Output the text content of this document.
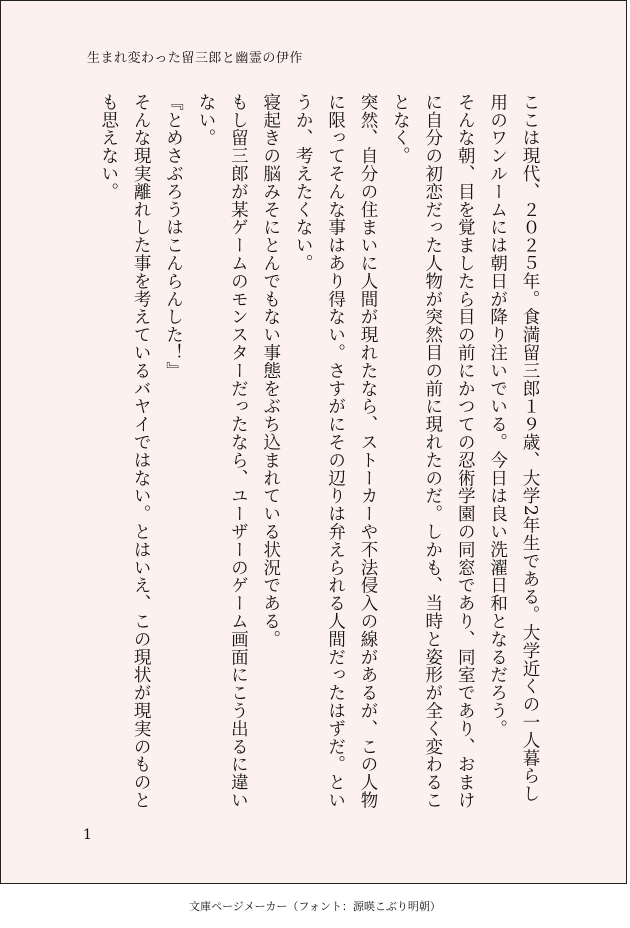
生まれ変わった留三郎と幽霊の伊作

ここは現代、２０２５年。食満留三郎１９歳、大学2年生である。大学近くの一人暮らし用のワンルームには朝日が降り注いでいる。今日は良い洗濯日和となるだろう。

そんな朝、目を覚ましたら目の前にかつての忍術学園の同窓であり、同室であり、おまけに自分の初恋だった人物が突然目の前に現れたのだ。しかも、当時と姿形が全く変わることなく。

突然、自分の住まいに人間が現れたなら、ストーカーや不法侵入の線があるが、この人物に限ってそんな事はあり得ない。さすがにその辺りは弁えられる人間だったはずだ。というか、考えたくない。

寝起きの脳みそにとんでもない事態をぶち込まれている状況である。

もし留三郎が某ゲームのモンスターだったなら、ユーザーのゲーム画面にこう出るに違いない。

『とめさぶろうはこんらんした！』

そんな現実離れした事を考えているバヤイではない。とはいえ、この現状が現実のものとも思えない。

1
文庫ページメーカー（フォント：源暎こぶり明朝）
